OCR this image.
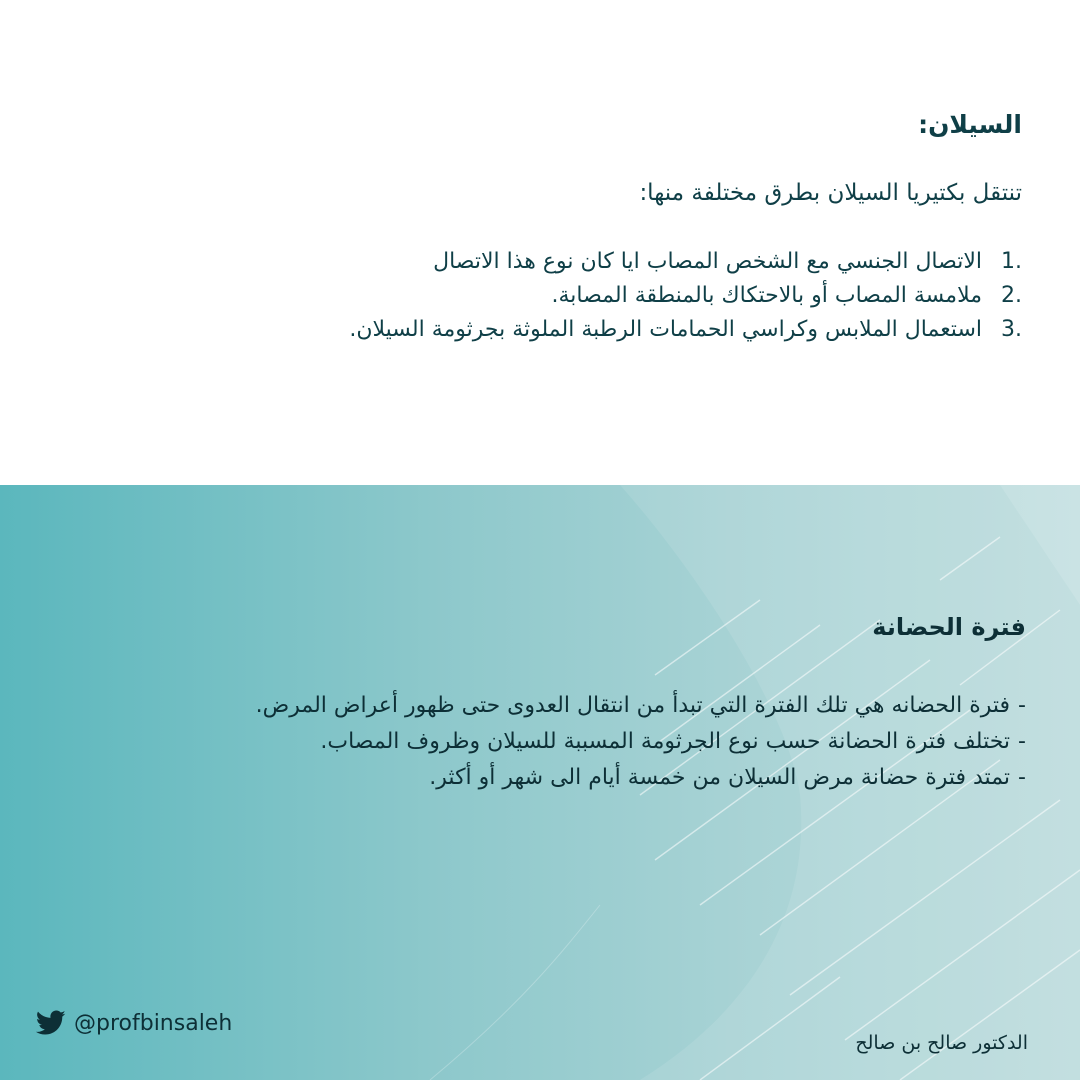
السيلان:
تنتقل بكتيريا السيلان بطرق مختلفة منها:
1.الاتصال الجنسي مع الشخص المصاب ايا كان نوع هذا الاتصال
2.ملامسة المصاب أو بالاحتكاك بالمنطقة المصابة.
3.استعمال الملابس وكراسي الحمامات الرطبة الملوثة بجرثومة السيلان.
فترة الحضانة
-فترة الحضانه هي تلك الفترة التي تبدأ من انتقال العدوى حتى ظهور أعراض المرض.
-تختلف فترة الحضانة حسب نوع الجرثومة المسببة للسيلان وظروف المصاب.
-تمتد فترة حضانة مرض السيلان من خمسة أيام الى شهر أو أكثر.
@profbinsaleh
الدكتور صالح بن صالح
